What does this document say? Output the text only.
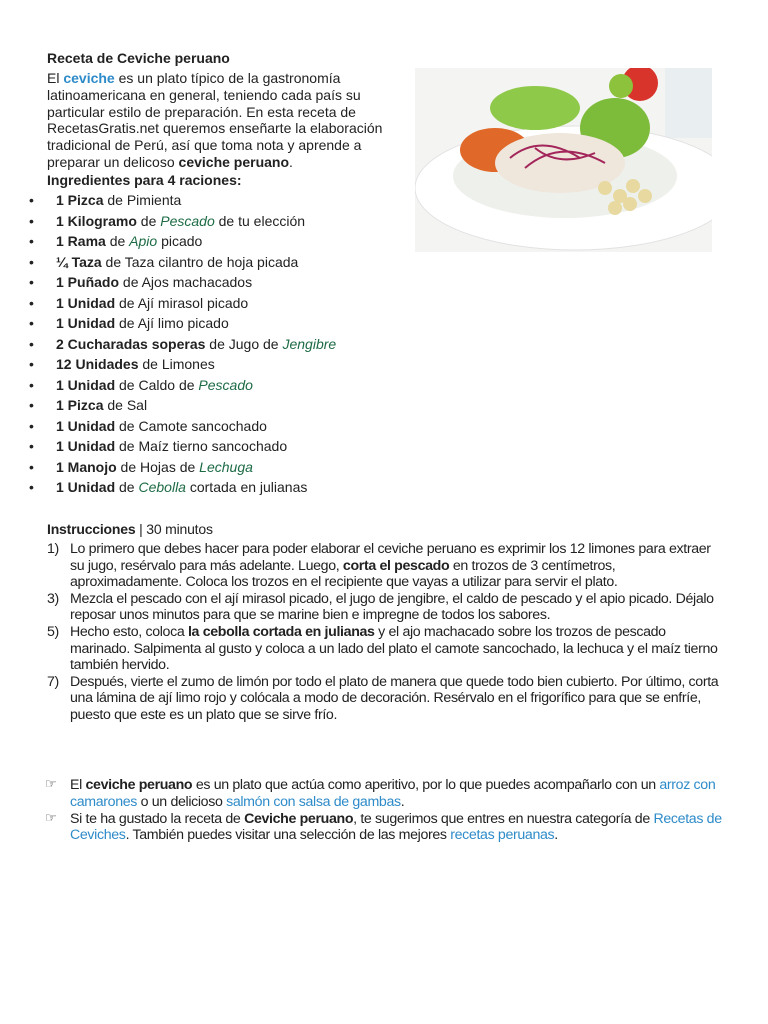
Receta de Ceviche peruano
El ceviche es un plato típico de la gastronomía latinoamericana en general, teniendo cada país su particular estilo de preparación. En esta receta de RecetasGratis.net queremos enseñarte la elaboración tradicional de Perú, así que toma nota y aprende a preparar un delicoso ceviche peruano.
Ingredientes para 4 raciones:
• 1 Pizca de Pimienta
• 1 Kilogramo de Pescado de tu elección
• 1 Rama de Apio picado
• ¼ Taza de Taza cilantro de hoja picada
• 1 Puñado de Ajos machacados
• 1 Unidad de Ají mirasol picado
• 1 Unidad de Ají limo picado
• 2 Cucharadas soperas de Jugo de Jengibre
• 12 Unidades de Limones
• 1 Unidad de Caldo de Pescado
• 1 Pizca de Sal
• 1 Unidad de Camote sancochado
• 1 Unidad de Maíz tierno sancochado
• 1 Manojo de Hojas de Lechuga
• 1 Unidad de Cebolla cortada en julianas
Instrucciones | 30 minutos
1) Lo primero que debes hacer para poder elaborar el ceviche peruano es exprimir los 12 limones para extraer su jugo, resérvalo para más adelante. Luego, corta el pescado en trozos de 3 centímetros, aproximadamente. Coloca los trozos en el recipiente que vayas a utilizar para servir el plato.
3) Mezcla el pescado con el ají mirasol picado, el jugo de jengibre, el caldo de pescado y el apio picado. Déjalo reposar unos minutos para que se marine bien e impregne de todos los sabores.
5) Hecho esto, coloca la cebolla cortada en julianas y el ajo machacado sobre los trozos de pescado marinado. Salpimenta al gusto y coloca a un lado del plato el camote sancochado, la lechuca y el maíz tierno también hervido.
7) Después, vierte el zumo de limón por todo el plato de manera que quede todo bien cubierto. Por último, corta una lámina de ají limo rojo y colócala a modo de decoración. Resérvalo en el frigorífico para que se enfríe, puesto que este es un plato que se sirve frío.
☞ El ceviche peruano es un plato que actúa como aperitivo, por lo que puedes acompañarlo con un arroz con camarones o un delicioso salmón con salsa de gambas.
☞ Si te ha gustado la receta de Ceviche peruano, te sugerimos que entres en nuestra categoría de Recetas de Ceviches. También puedes visitar una selección de las mejores recetas peruanas.
